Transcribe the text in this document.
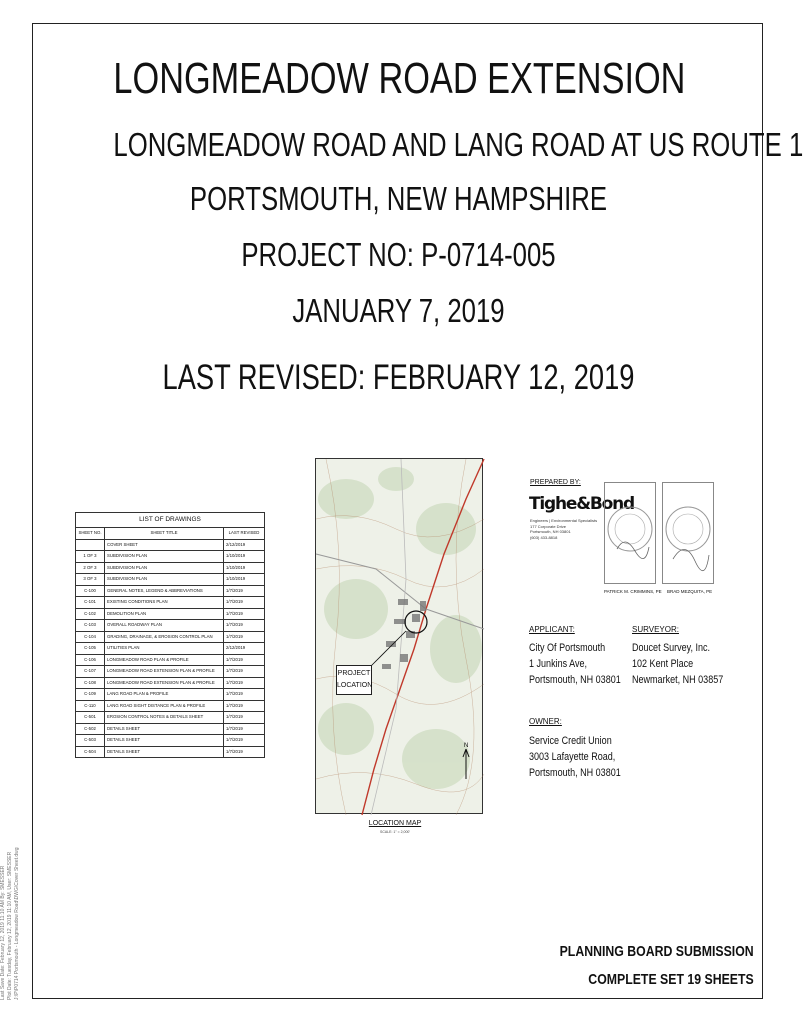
LONGMEADOW ROAD EXTENSION
LONGMEADOW ROAD AND LANG ROAD AT US ROUTE 1
PORTSMOUTH, NEW HAMPSHIRE
PROJECT NO: P-0714-005
JANUARY 7, 2019
LAST REVISED: FEBRUARY 12, 2019
Last Save Date: February 12, 2019 11:10 AM By: SMESSER Plot Date: Tuesday, February 12, 2019 11:10 AM, User: SMESSER J:\P\P0714 Portsmouth - Longmeadow Road\DWG\Cover Sheet.dwg
LIST OF DRAWINGS		
SHEET NO.	SHEET TITLE	LAST REVISED
	COVER SHEET	2/12/2019
1 OF 3	SUBDIVISION PLAN	1/10/2019
2 OF 3	SUBDIVISION PLAN	1/10/2019
3 OF 3	SUBDIVISION PLAN	1/10/2019
C-100	GENERAL NOTES, LEGEND & ABBREVIATIONS	1/7/2019
C-101	EXISTING CONDITIONS PLAN	1/7/2019
C-102	DEMOLITION PLAN	1/7/2019
C-103	OVERALL ROADWAY PLAN	1/7/2019
C-104	GRADING, DRAINAGE, & EROSION CONTROL PLAN	1/7/2019
C-105	UTILITIES PLAN	2/12/2019
C-106	LONGMEADOW ROAD PLAN & PROFILE	1/7/2019
C-107	LONGMEADOW ROAD EXTENSION PLAN & PROFILE	1/7/2019
C-108	LONGMEADOW ROAD EXTENSION PLAN & PROFILE	1/7/2019
C-109	LANG ROAD PLAN & PROFILE	1/7/2019
C-110	LANG ROAD SIGHT DISTANCE PLAN & PROFILE	1/7/2019
C-501	EROSION CONTROL NOTES & DETAILS SHEET	1/7/2019
C-502	DETAILS SHEET	1/7/2019
C-503	DETAILS SHEET	1/7/2019
C-504	DETAILS SHEET	1/7/2019
N
PROJECT
LOCATION
LOCATION MAP
SCALE: 1" = 2,000'
PREPARED BY:
Tighe&Bond
Engineers | Environmental Specialists
177 Corporate Drive
Portsmouth, NH 03801
(603) 433-8818
PATRICK M. CRIMMINS, PE BRAD MEZQUITA, PE
APPLICANT:
City Of Portsmouth
1 Junkins Ave,
Portsmouth, NH 03801
SURVEYOR:
Doucet Survey, Inc.
102 Kent Place
Newmarket, NH 03857
OWNER:
Service Credit Union
3003 Lafayette Road,
Portsmouth, NH 03801
PLANNING BOARD SUBMISSION
COMPLETE SET 19 SHEETS
